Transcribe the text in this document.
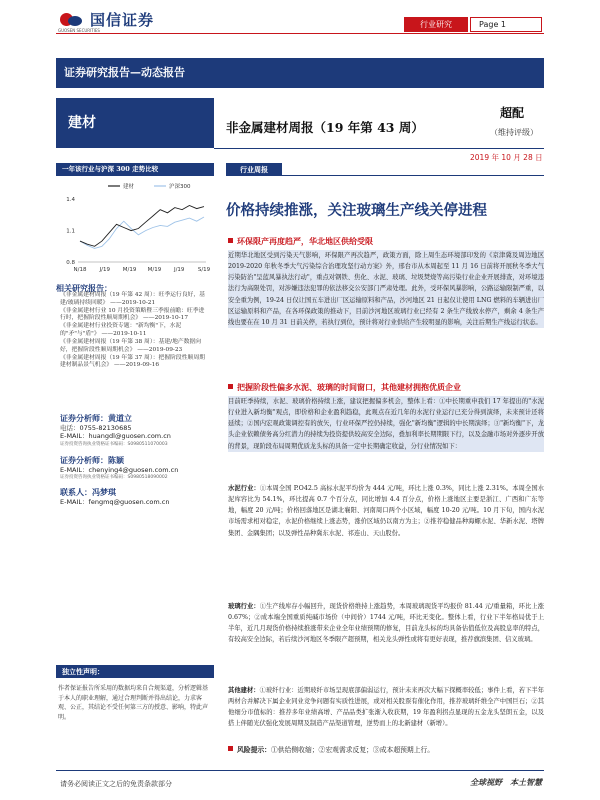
国信证券
GUOSEN SECURITIES
行业研究	Page 1
证券研究报告—动态报告
建材	非金属建材周报（19 年第 43 周）
超配
（维持评级）
2019 年 10 月 28 日
一年该行业与沪深 300 走势比较
1.4
1.1
0.8
N/18 J/19 M/19 M/19 J/19 S/19
建材	沪深300
相关研究报告：
《非金属建材周报（19 年第 42 周）：旺季运行良好，基建/玻璃持续回暖》 ——2019-10-21
《非金属建材行业 10 月投资策略暨三季报前瞻：旺季进行时，把握阶段性顺周期机会》 ——2019-10-17
《非金属建材行业投资专题："新均衡"下，水泥的"矛"与"盾"》 ——2019-10-11
《非金属建材周报（19 年第 38 周）：基建/地产数据向好，把握阶段性顺周期机会》 ——2019-09-23
《非金属建材周报（19 年第 37 周）：把握阶段性顺周期建材制品景气机会》 ——2019-09-16
证券分析师：黄道立
电话：0755-82130685
E-MAIL：huangdl@guosen.com.cn
证券投资咨询执业资格证书编码：S0980511070003
证券分析师：陈颖
E-MAIL：chenying4@guosen.com.cn
证券投资咨询执业资格证书编码：S0980518090002
联系人：冯梦琪
E-MAIL：fengmq@guosen.com.cn
独立性声明：
作者保证报告所采用的数据均来自合规渠道，分析逻辑基于本人的职业理解，通过合理判断并得出结论，力求客观、公正，其结论不受任何第三方的授意、影响，特此声明。
行业周报
价格持续推涨，关注玻璃生产线关停进程
环保限产再度趋严，华北地区供给受限
近期华北地区受到污染天气影响，环保限产再次趋严，政策方面，除上周生态环境部印发的《京津冀及周边地区 2019-2020 年秋冬季大气污染综合治理攻坚行动方案》外，邢台市从本周起至 11 月 16 日前将开展秋冬季大气污染防治"呈蓝风暴执法行动"，重点对钢铁、焦化、水泥、玻璃、垃圾焚烧等高污染行业企业开展排查，对环境违法行为高限处罚，对涉嫌违法犯罪的依法移交公安部门严肃处理。此外，受环保风暴影响，公路运输限制严重，以安全重为例，19-24 日仅让国五车进出厂区运输原料和产品，沙河地区 21 日起仅让使用 LNG 燃料的车辆进出厂区运输原料和产品，在各环保政策的推动下，目前沙河地区玻璃行业已经有 2 条生产线放水停产，剩余 4 条生产线也要在在 10 月 31 日前关停，若执行到位，预计将对行业供给产生较明显的影响，关注后期生产线运行状态。
把握阶段性偏多水泥、玻璃的时间窗口，其他建材拥抱优质企业
目前旺季持续，水泥、玻璃价格持续上涨，建议把握偏多机会，整体上看：①中长期重申我们 17 年提出的"水泥行业进入新均衡"观点，即价格和企业盈利趋稳，此观点在近几年的水泥行业运行已充分得到演绎，未来预计还将延续；②国内宏观政策调控有的放矢，行业环保严控仍持续，强化"新均衡"逻辑的中长期演绎；③"新均衡"下，龙头企业依赖债务高分红潜力的持续为投资提供较高安全边际，叠加利率长期期限下行，以及金融市场对外逐步开放的背景，现阶段布局周期优质龙头标的具备一定中长期确定收益，分行业情况如下：
水泥行业：①本周全国 P.O42.5 高标水泥平均价为 444 元/吨，环比上涨 0.3%，同比上涨 2.31%。本周全国水泥库容比为 54.1%，环比提高 0.7 个百分点，同比增加 4.4 百分点，价格上涨地区主要是浙江、广西和广东等地，幅度 20 元/吨；价格回落地区是湖北襄阳、河南周口两个小区域，幅度 10-20 元/吨。10 月下旬，国内水泥市场需求相对稳定，水泥价格继续上涨态势，涨价区域仍以南方为主；②推荐稳健品种海螺水泥、华新水泥、塔牌集团、金隅集团；以及弹性品种冀东水泥、祁连山、天山股份。
玻璃行业：①生产线库存小幅回升，现货价格维持上涨趋势，本周玻璃现货平均报价 81.44 元/重量箱，环比上涨 0.67%；②成本端全国重质纯碱市场价（中间价）1744 元/吨，环比无变化。整体上看，行业下半年格局优于上半年，近几月现货价格持续推涨带来企业全年业绩预期的修复，目前龙头标的均具备估值低位及高股息率的特点，有较高安全边际，若后续沙河地区冬季限产超预期，相关龙头弹性或将有更好表现，推荐旗滨集团、信义玻璃。
其他建材：①玻纤行业：近期玻纤市场呈现底部偏弱运行，预计未来再次大幅下探概率较低；事件上看，若下半年两材合并解决下属企业同业竞争问题有实质性进展，或对相关股票有催化作用，推荐玻璃纤维全产中国巨石；②其他细分市值标的：推荐多年业绩高增、产品品类扩张渐入收获期，19 年盈利拐点显现的五金龙头坚朗五金，以及搭上伴随光伏强化发展周期及制造产品渠道管理，逆势而上的北新建材（新增）。
风险提示：①供给侧收缩；②宏观需求反复；③成本超预期上行。
请务必阅读正文之后的免责条款部分	全球视野　本土智慧
